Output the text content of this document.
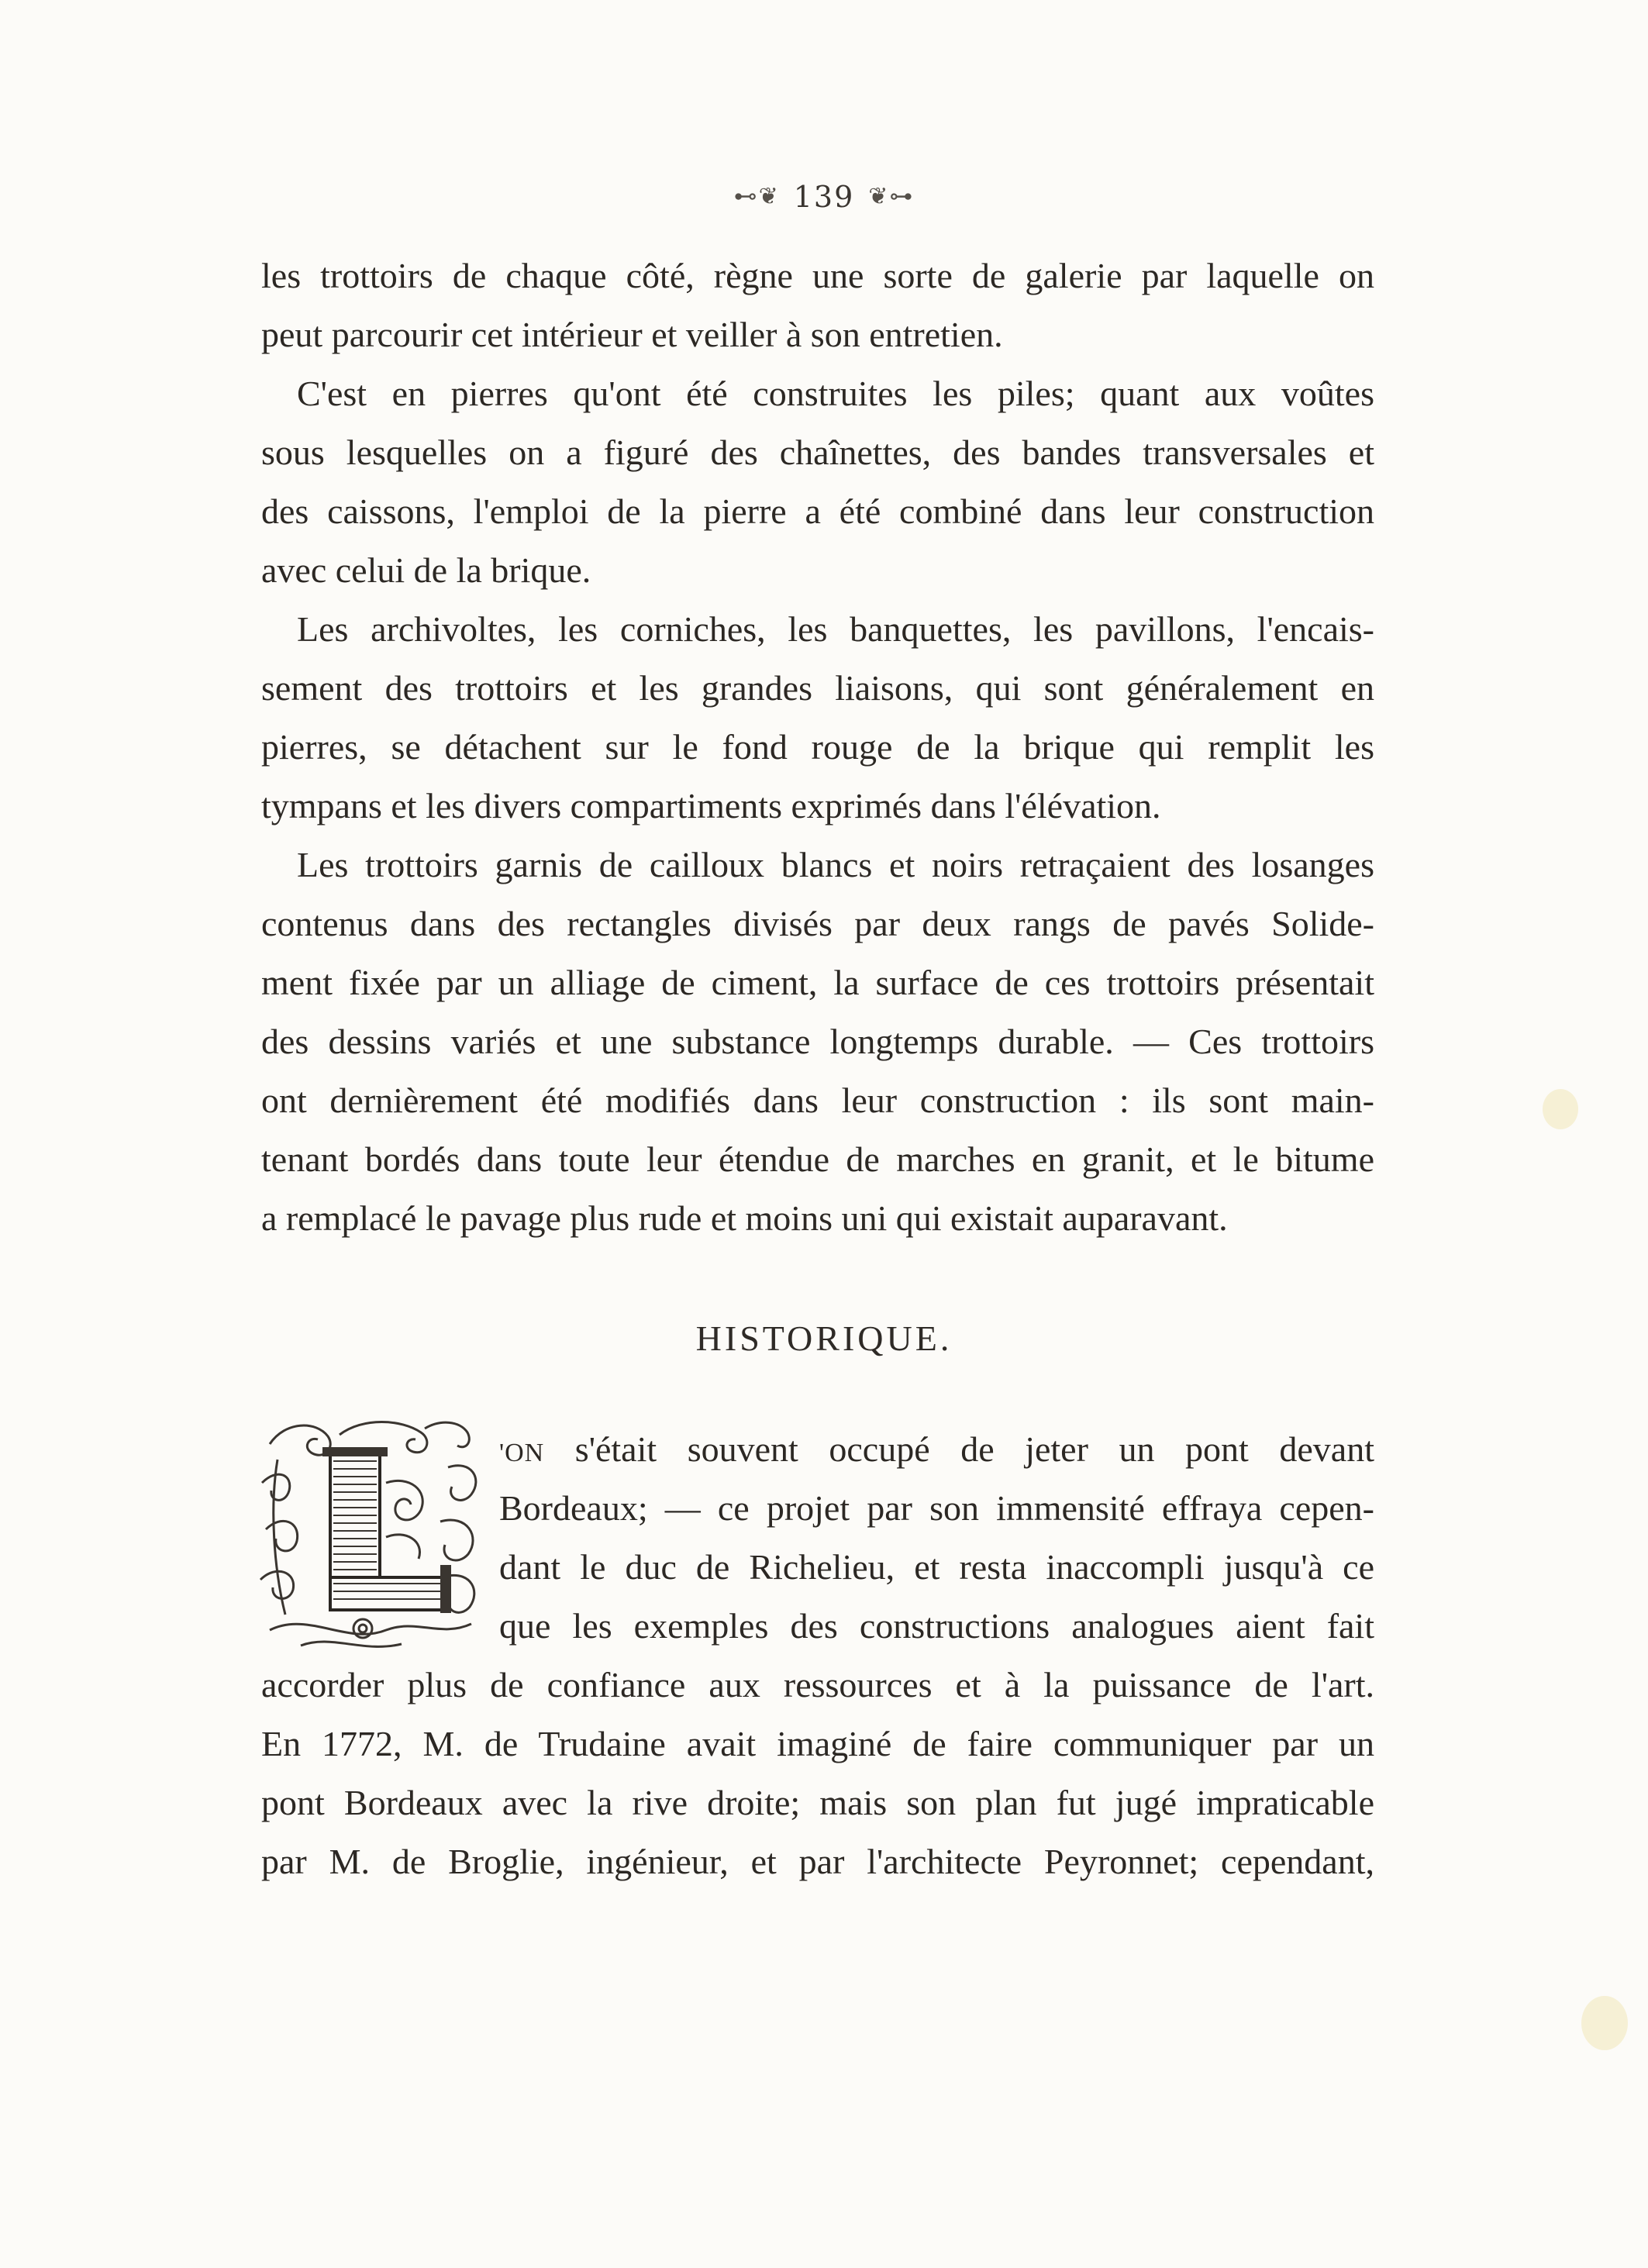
⊷❦ 139 ❦⊶
les trottoirs de chaque côté, règne une sorte de galerie par laquelle on
peut parcourir cet intérieur et veiller à son entretien.
C'est en pierres qu'ont été construites les piles; quant aux voûtes
sous lesquelles on a figuré des chaînettes, des bandes transversales et
des caissons, l'emploi de la pierre a été combiné dans leur construction
avec celui de la brique.
Les archivoltes, les corniches, les banquettes, les pavillons, l'encais-
sement des trottoirs et les grandes liaisons, qui sont généralement en
pierres, se détachent sur le fond rouge de la brique qui remplit les
tympans et les divers compartiments exprimés dans l'élévation.
Les trottoirs garnis de cailloux blancs et noirs retraçaient des losanges
contenus dans des rectangles divisés par deux rangs de pavés Solide-
ment fixée par un alliage de ciment, la surface de ces trottoirs présentait
des dessins variés et une substance longtemps durable. — Ces trottoirs
ont dernièrement été modifiés dans leur construction : ils sont main-
tenant bordés dans toute leur étendue de marches en granit, et le bitume
a remplacé le pavage plus rude et moins uni qui existait auparavant.
HISTORIQUE.
'ON s'était souvent occupé de jeter un pont devant
Bordeaux; — ce projet par son immensité effraya cepen-
dant le duc de Richelieu, et resta inaccompli jusqu'à ce
que les exemples des constructions analogues aient fait
accorder plus de confiance aux ressources et à la puissance de l'art.
En 1772, M. de Trudaine avait imaginé de faire communiquer par un
pont Bordeaux avec la rive droite; mais son plan fut jugé impraticable
par M. de Broglie, ingénieur, et par l'architecte Peyronnet; cependant,
